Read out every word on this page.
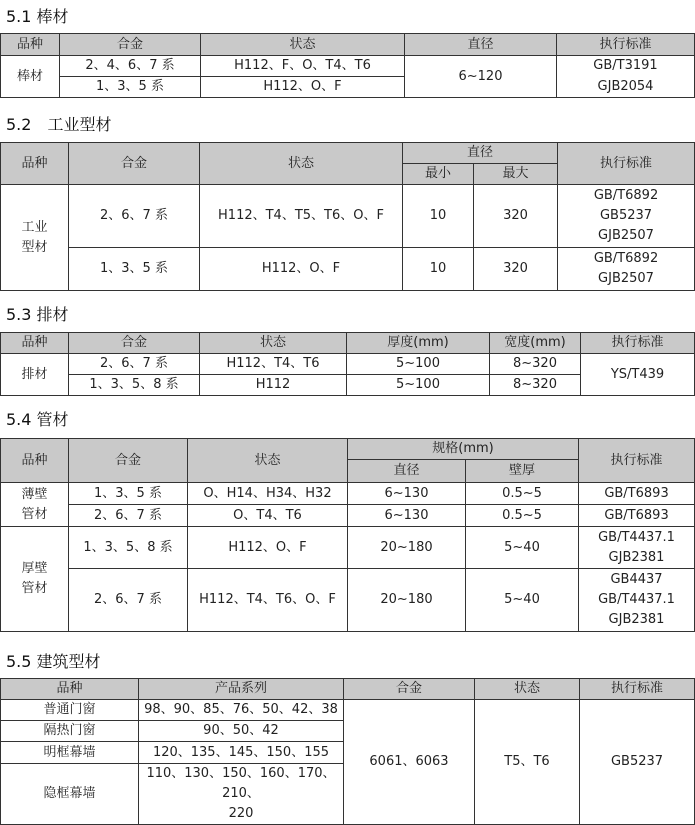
5.1 棒材
品种	合金	状态	直径	执行标准
棒材	2、4、6、7 系	H112、F、O、T4、T6	6~120	GB/T3191
	1、3、5 系	H112、O、F		GJB2054
5.2　工业型材
品种	合金	状态	直径		执行标准
			最小	最大	

工业
型材	2、6、7 系	H112、T4、T5、T6、O、F	10	320	GB/T6892
GB5237
GJB2507

	1、3、5 系	H112、O、F	10	320	GB/T6892
GJB2507
5.3 排材
品种	合金	状态	厚度(mm)	宽度(mm)	执行标准
排材	2、6、7 系	H112、T4、T6	5~100	8~320	YS/T439
	1、3、5、8 系	H112	5~100	8~320	
5.4 管材
品种	合金	状态	规格(mm)		执行标准
			直径	壁厚	

薄壁
管材	1、3、5 系	O、H14、H34、H32	6~130	0.5~5	GB/T6893
	2、6、7 系	O、T4、T6	6~130	0.5~5	GB/T6893

厚壁
管材	1、3、5、8 系	H112、O、F	20~180	5~40	GB/T4437.1
GJB2381

	2、6、7 系	H112、T4、T6、O、F	20~180	5~40	GB4437
GB/T4437.1
GJB2381
5.5 建筑型材
品种	产品系列	合金	状态	执行标准
普通门窗	98、90、85、76、50、42、38	6061、6063	T5、T6	GB5237
隔热门窗	90、50、42			
明框幕墙	120、135、145、150、155			
隐框幕墙	110、130、150、160、170、210、
220			
